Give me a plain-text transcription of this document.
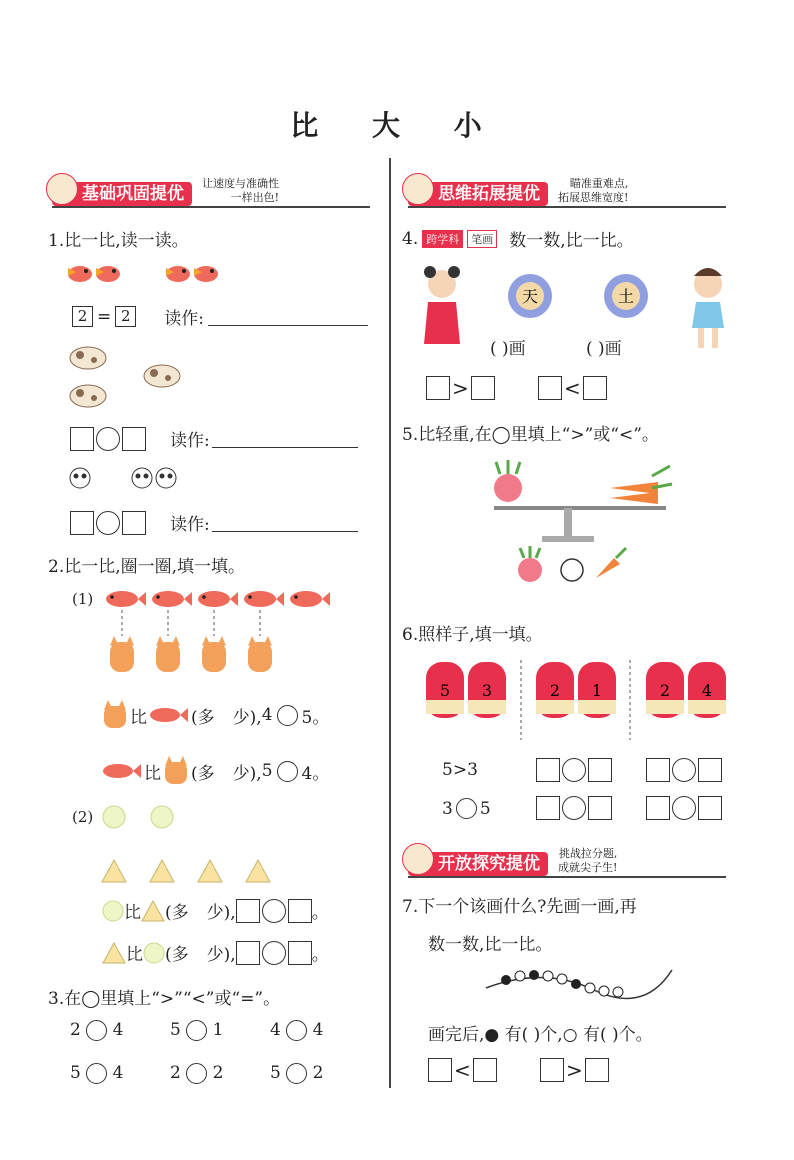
比 大 小
基础巩固提优	让速度与准确性
一样出色!
1.比一比,读一读。
2 = 2	读作:
读作:
读作:
2.比一比,圈一圈,填一填。
(1)
比	(多 少), 4 5。
比 (多 少), 5 4。
(2)
比 (多 少),	。
比 (多 少),	。
3.在◯里填上“>”“<”或“=”。
2 4	5 1	4 4
5 4	2 2	5 2
思维拓展提优	瞄准重难点,
拓展思维宽度!
4. 跨学科	笔画 数一数,比一比。
天	土
( )画	( )画
>	<
5.比轻重,在◯里填上“>”或“<”。
6.照样子,填一填。
5 3	2 1	2 4
5>3
3 5
开放探究提优	挑战拉分题,
成就尖子生!
7.下一个该画什么?先画一画,再
数一数,比一比。
画完后,● 有( )个,○ 有( )个。
<	>
